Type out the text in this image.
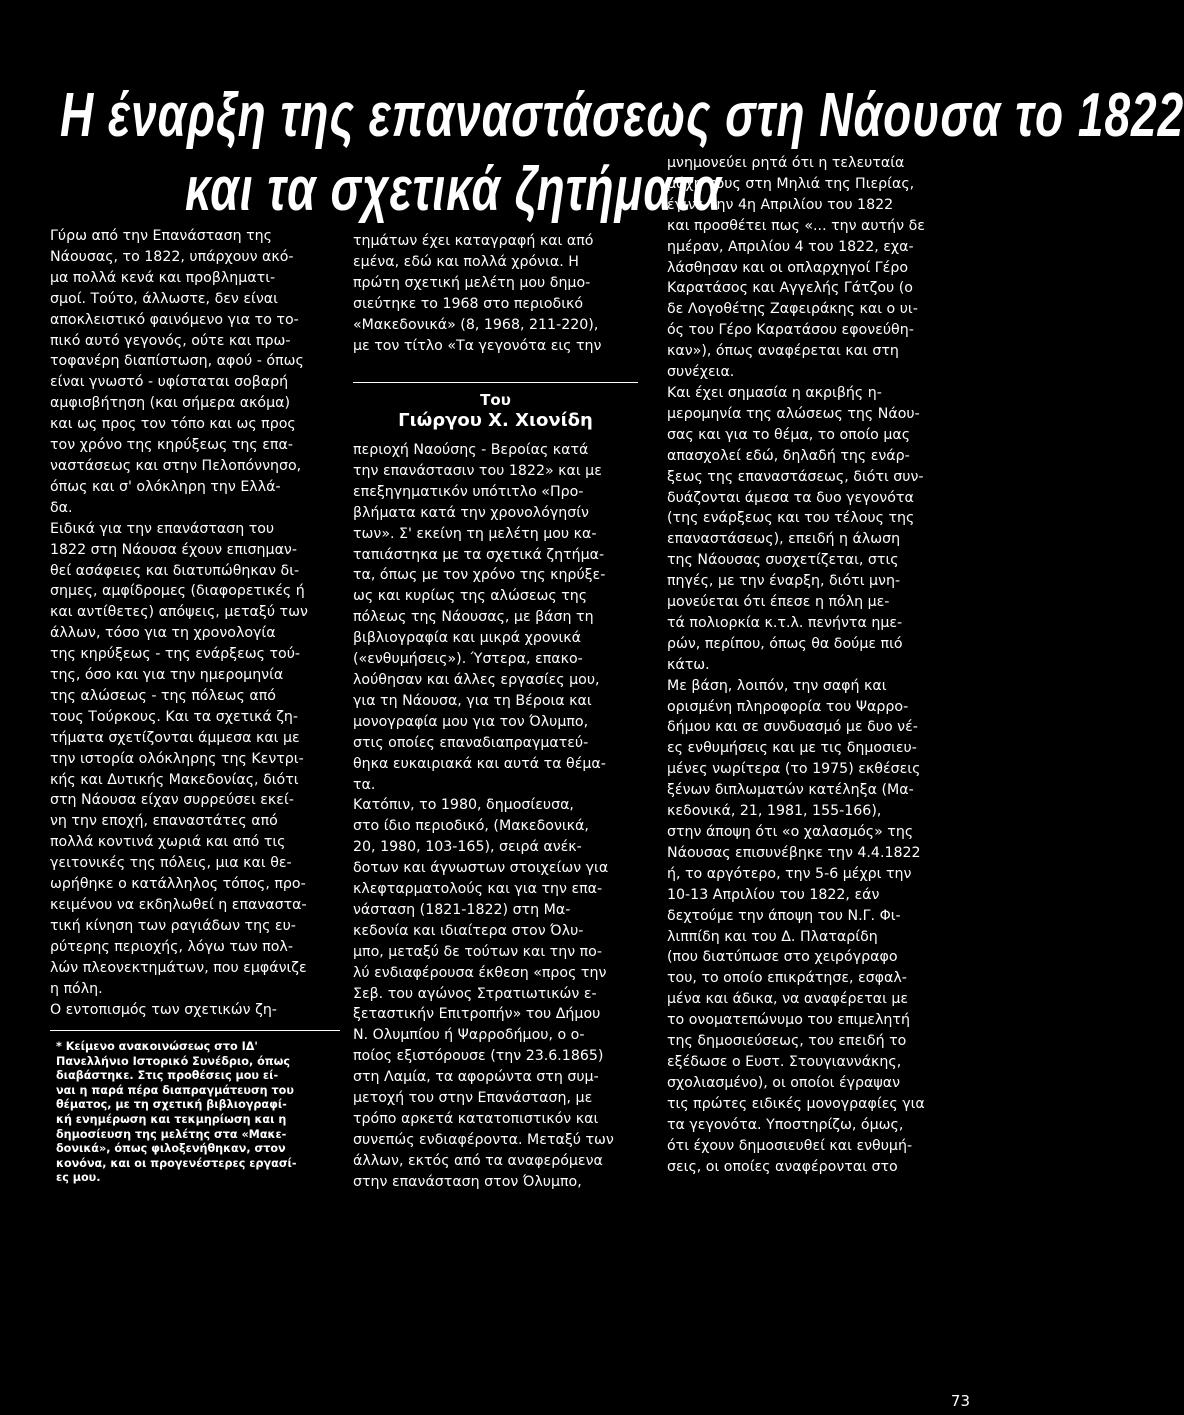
Η έναρξη της επαναστάσεως στη Νάουσα το 1822
και τα σχετικά ζητήματα

Γύρω από την Επανάσταση της
Νάουσας, το 1822, υπάρχουν ακό-
μα πολλά κενά και προβληματι-
σμοί. Τούτο, άλλωστε, δεν είναι
αποκλειστικό φαινόμενο για το το-
πικό αυτό γεγονός, ούτε και πρω-
τοφανέρη διαπίστωση, αφού - όπως
είναι γνωστό - υφίσταται σοβαρή
αμφισβήτηση (και σήμερα ακόμα)
και ως προς τον τόπο και ως προς
τον χρόνο της κηρύξεως της επα-
ναστάσεως και στην Πελοπόννησο,
όπως και σ' ολόκληρη την Ελλά-
δα.
Ειδικά για την επανάσταση του
1822 στη Νάουσα έχουν επισημαν-
θεί ασάφειες και διατυπώθηκαν δι-
σημες, αμφίδρομες (διαφορετικές ή
και αντίθετες) απόψεις, μεταξύ των
άλλων, τόσο για τη χρονολογία
της κηρύξεως - της ενάρξεως τού-
της, όσο και για την ημερομηνία
της αλώσεως - της πόλεως από
τους Τούρκους. Και τα σχετικά ζη-
τήματα σχετίζονται άμμεσα και με
την ιστορία ολόκληρης της Κεντρι-
κής και Δυτικής Μακεδονίας, διότι
στη Νάουσα είχαν συρρεύσει εκεί-
νη την εποχή, επαναστάτες από
πολλά κοντινά χωριά και από τις
γειτονικές της πόλεις, μια και θε-
ωρήθηκε ο κατάλληλος τόπος, προ-
κειμένου να εκδηλωθεί η επαναστα-
τική κίνηση των ραγιάδων της ευ-
ρύτερης περιοχής, λόγω των πολ-
λών πλεονεκτημάτων, που εμφάνιζε
η πόλη.
Ο εντοπισμός των σχετικών ζη-

τημάτων έχει καταγραφή και από
εμένα, εδώ και πολλά χρόνια. Η
πρώτη σχετική μελέτη μου δημο-
σιεύτηκε το 1968 στο περιοδικό
«Μακεδονικά» (8, 1968, 211-220),
με τον τίτλο «Τα γεγονότα εις την

Του
Γιώργου Χ. Χιονίδη

περιοχή Ναούσης - Βεροίας κατά
την επανάστασιν του 1822» και με
επεξηγηματικόν υπότιτλο «Προ-
βλήματα κατά την χρονολόγησίν
των». Σ' εκείνη τη μελέτη μου κα-
ταπιάστηκα με τα σχετικά ζητήμα-
τα, όπως με τον χρόνο της κηρύξε-
ως και κυρίως της αλώσεως της
πόλεως της Νάουσας, με βάση τη
βιβλιογραφία και μικρά χρονικά
(«ενθυμήσεις»). Ύστερα, επακο-
λούθησαν και άλλες εργασίες μου,
για τη Νάουσα, για τη Βέροια και
μονογραφία μου για τον Όλυμπο,
στις οποίες επαναδιαπραγματεύ-
θηκα ευκαιριακά και αυτά τα θέμα-
τα.
Κατόπιν, το 1980, δημοσίευσα,
στο ίδιο περιοδικό, (Μακεδονικά,
20, 1980, 103-165), σειρά ανέκ-
δοτων και άγνωστων στοιχείων για
κλεφταρματολούς και για την επα-
νάσταση (1821-1822) στη Μα-
κεδονία και ιδιαίτερα στον Όλυ-
μπο, μεταξύ δε τούτων και την πο-
λύ ενδιαφέρουσα έκθεση «προς την
Σεβ. του αγώνος Στρατιωτικών ε-
ξεταστικήν Επιτροπήν» του Δήμου
Ν. Ολυμπίου ή Ψαρροδήμου, ο ο-
ποίος εξιστόρουσε (την 23.6.1865)
στη Λαμία, τα αφορώντα στη συμ-
μετοχή του στην Επανάσταση, με
τρόπο αρκετά κατατοπιστικόν και
συνεπώς ενδιαφέροντα. Μεταξύ των
άλλων, εκτός από τα αναφερόμενα
στην επανάσταση στον Όλυμπο,

μνημονεύει ρητά ότι η τελευταία
μάχη τους στη Μηλιά της Πιερίας,
έγινε την 4η Απριλίου του 1822
και προσθέτει πως «... την αυτήν δε
ημέραν, Απριλίου 4 του 1822, εχα-
λάσθησαν και οι οπλαρχηγοί Γέρο
Καρατάσος και Αγγελής Γάτζου (ο
δε Λογοθέτης Ζαφειράκης και ο υι-
ός του Γέρο Καρατάσου εφονεύθη-
καν»), όπως αναφέρεται και στη
συνέχεια.
Και έχει σημασία η ακριβής η-
μερομηνία της αλώσεως της Νάου-
σας και για το θέμα, το οποίο μας
απασχολεί εδώ, δηλαδή της ενάρ-
ξεως της επαναστάσεως, διότι συν-
δυάζονται άμεσα τα δυο γεγονότα
(της ενάρξεως και του τέλους της
επαναστάσεως), επειδή η άλωση
της Νάουσας συσχετίζεται, στις
πηγές, με την έναρξη, διότι μνη-
μονεύεται ότι έπεσε η πόλη με-
τά πολιορκία κ.τ.λ. πενήντα ημε-
ρών, περίπου, όπως θα δούμε πιό
κάτω.
Με βάση, λοιπόν, την σαφή και
ορισμένη πληροφορία του Ψαρρο-
δήμου και σε συνδυασμό με δυο νέ-
ες ενθυμήσεις και με τις δημοσιευ-
μένες νωρίτερα (το 1975) εκθέσεις
ξένων διπλωματών κατέληξα (Μα-
κεδονικά, 21, 1981, 155-166),
στην άποψη ότι «ο χαλασμός» της
Νάουσας επισυνέβηκε την 4.4.1822
ή, το αργότερο, την 5-6 μέχρι την
10-13 Απριλίου του 1822, εάν
δεχτούμε την άποψη του Ν.Γ. Φι-
λιππίδη και του Δ. Πλαταρίδη
(που διατύπωσε στο χειρόγραφο
του, το οποίο επικράτησε, εσφαλ-
μένα και άδικα, να αναφέρεται με
το ονοματεπώνυμο του επιμελητή
της δημοσιεύσεως, του επειδή το
εξέδωσε ο Ευστ. Στουγιαννάκης,
σχολιασμένο), οι οποίοι έγραψαν
τις πρώτες ειδικές μονογραφίες για
τα γεγονότα. Υποστηρίζω, όμως,
ότι έχουν δημοσιευθεί και ενθυμή-
σεις, οι οποίες αναφέρονται στο

* Κείμενο ανακοινώσεως στο ΙΔ'
Πανελλήνιο Ιστορικό Συνέδριο, όπως
διαβάστηκε. Στις προθέσεις μου εί-
ναι η παρά πέρα διαπραγμάτευση του
θέματος, με τη σχετική βιβλιογραφί-
κή ενημέρωση και τεκμηρίωση και η
δημοσίευση της μελέτης στα «Μακε-
δονικά», όπως φιλοξενήθηκαν, στον
κονόνα, και οι προγενέστερες εργασί-
ες μου.

73
